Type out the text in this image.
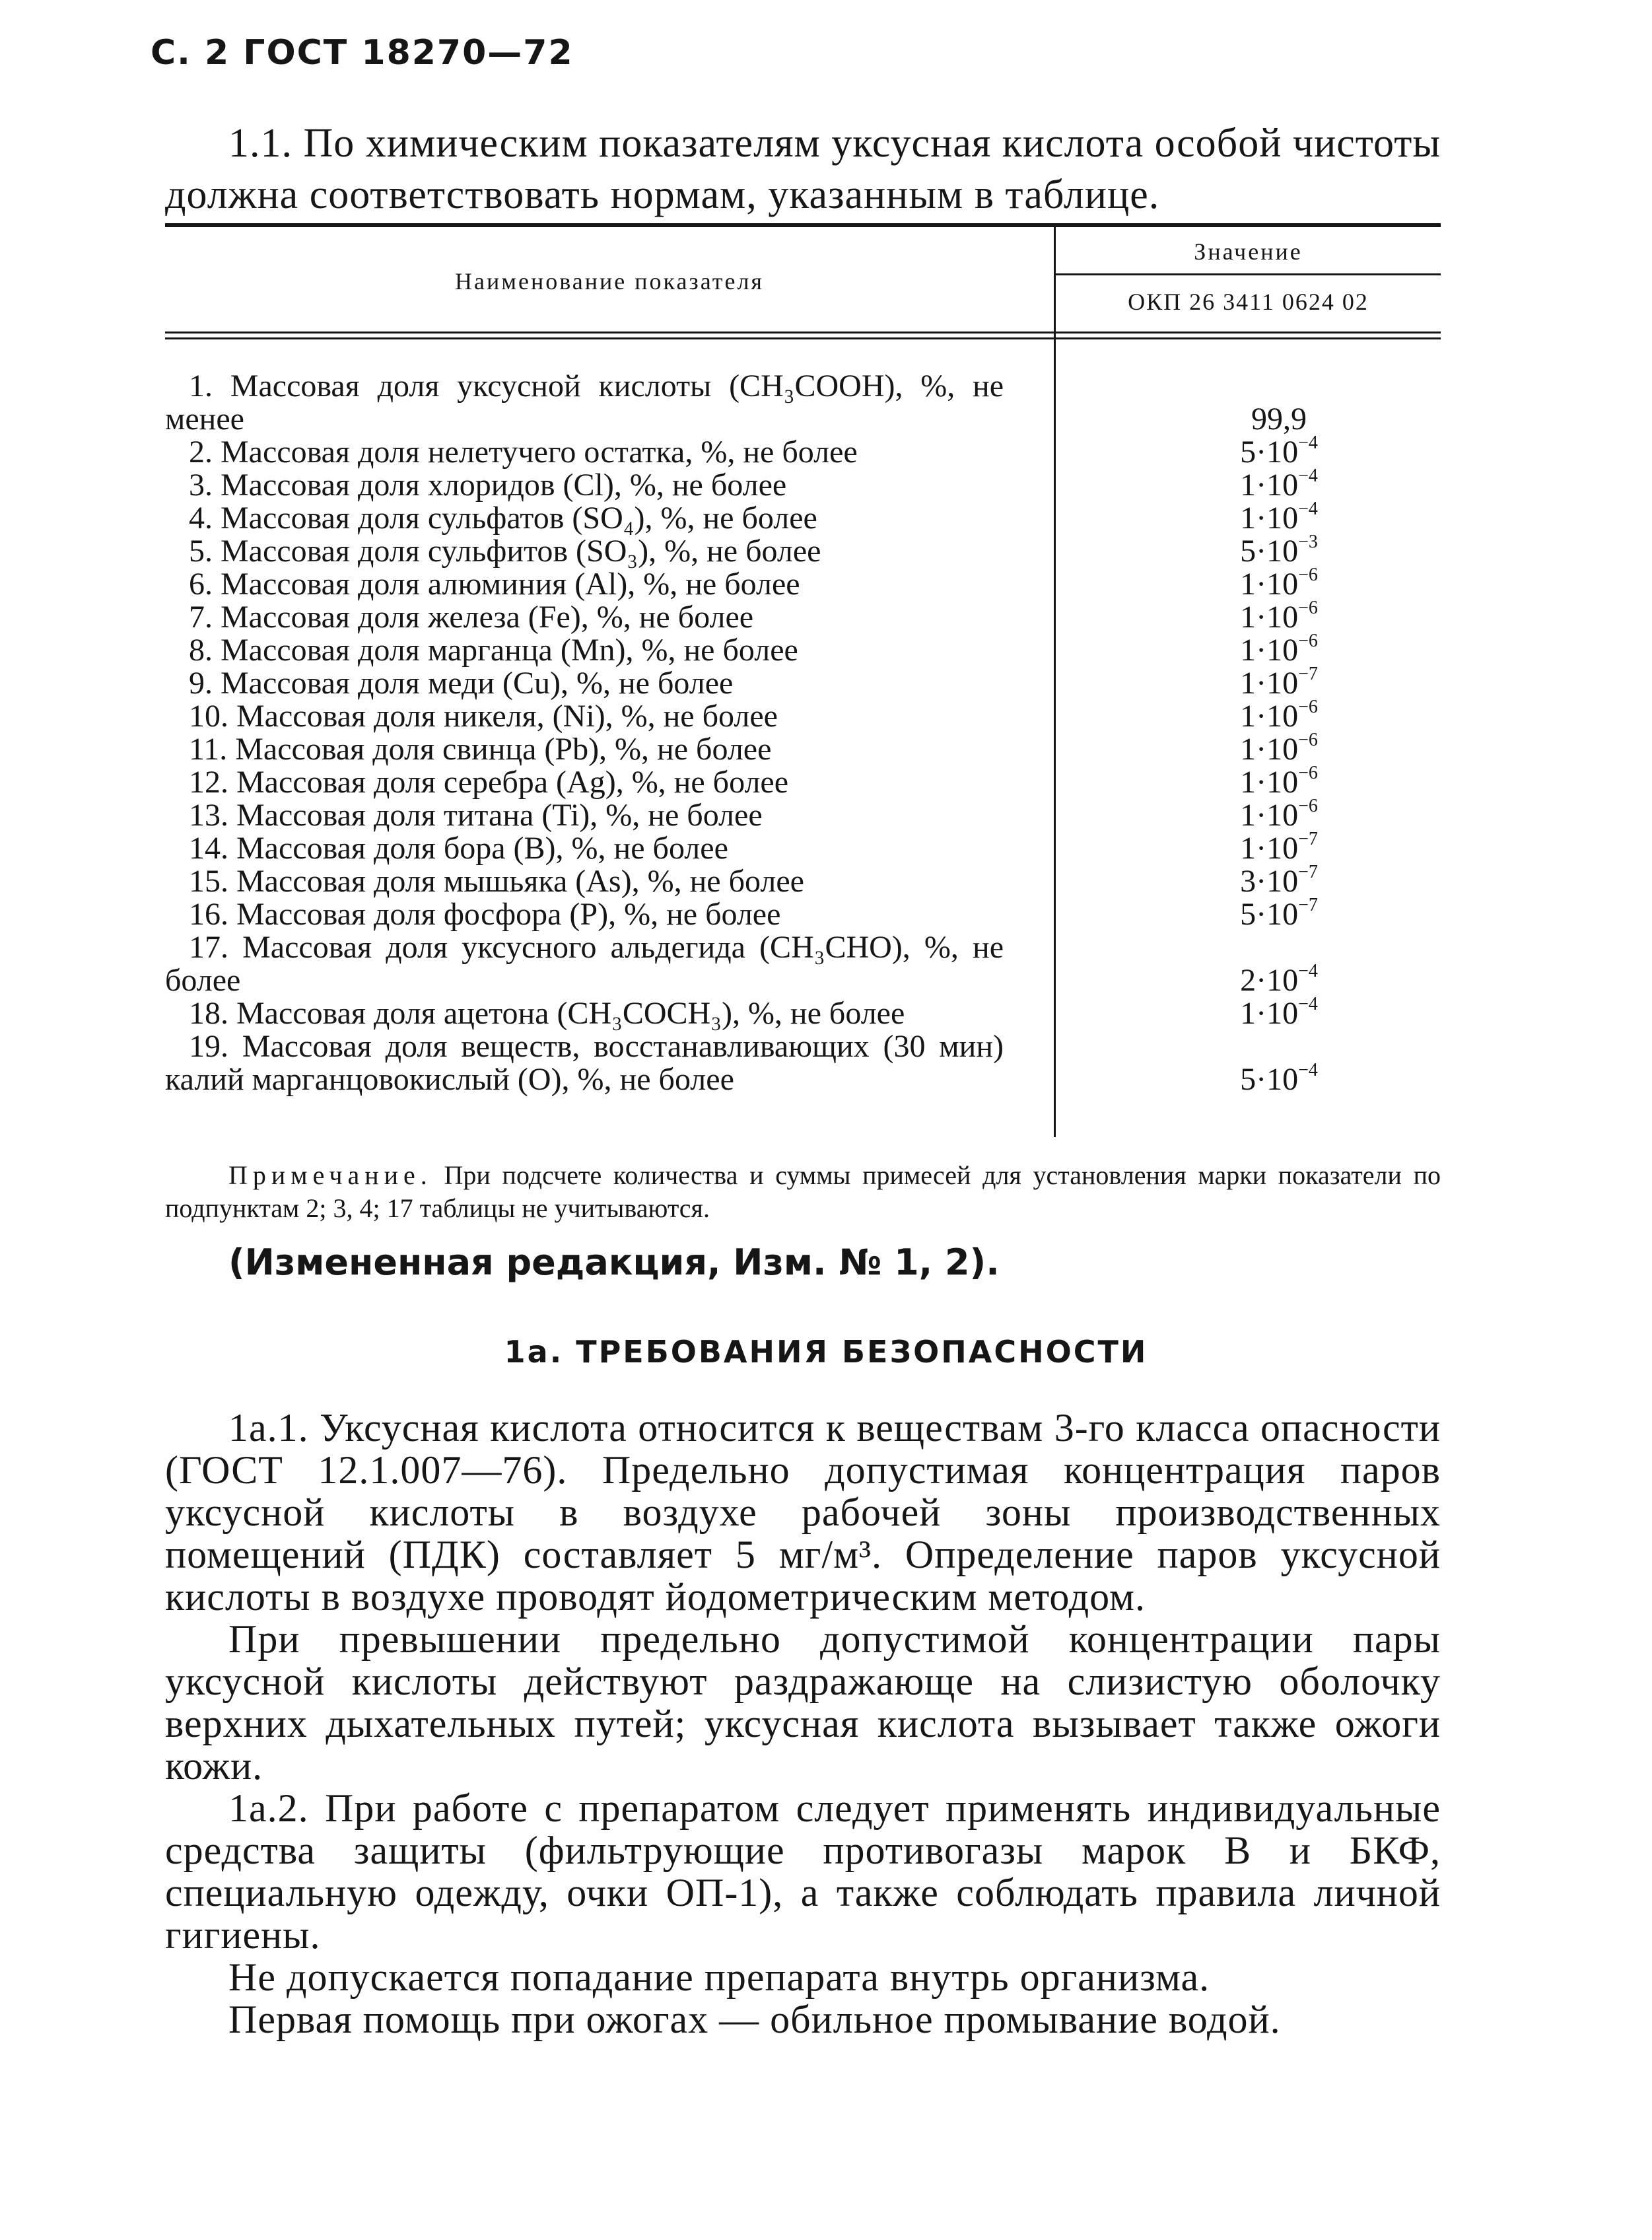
С. 2 ГОСТ 18270—72
1.1. По химическим показателям уксусная кислота особой чистоты должна соответствовать нормам, указанным в таблице.
Наименование показателя
Значение
ОКП 26 3411 0624 02
1. Массовая доля уксусной кислоты (CH₃COOH), %, не менее	99,9
2. Массовая доля нелетучего остатка, %, не более	$5\cdot 10^{-4}$
3. Массовая доля хлоридов (Cl), %, не более	$1\cdot 10^{-4}$
4. Массовая доля сульфатов (SO₄), %, не более	$1\cdot 10^{-4}$
5. Массовая доля сульфитов (SO₃), %, не более	$5\cdot 10^{-3}$
6. Массовая доля алюминия (Al), %, не более	$1\cdot 10^{-6}$
7. Массовая доля железа (Fe), %, не более	$1\cdot 10^{-6}$
8. Массовая доля марганца (Mn), %, не более	$1\cdot 10^{-6}$
9. Массовая доля меди (Cu), %, не более	$1\cdot 10^{-7}$
10. Массовая доля никеля, (Ni), %, не более	$1\cdot 10^{-6}$
11. Массовая доля свинца (Pb), %, не более	$1\cdot 10^{-6}$
12. Массовая доля серебра (Ag), %, не более	$1\cdot 10^{-6}$
13. Массовая доля титана (Ti), %, не более	$1\cdot 10^{-6}$
14. Массовая доля бора (B), %, не более	$1\cdot 10^{-7}$
15. Массовая доля мышьяка (As), %, не более	$3\cdot 10^{-7}$
16. Массовая доля фосфора (P), %, не более	$5\cdot 10^{-7}$
17. Массовая доля уксусного альдегида (CH₃CHO), %, не более	$2\cdot 10^{-4}$
18. Массовая доля ацетона (CH₃COCH₃), %, не более	$1\cdot 10^{-4}$
19. Массовая доля веществ, восстанавливающих (30 мин) калий марганцовокислый (O), %, не более	$5\cdot 10^{-4}$
Примечание. При подсчете количества и суммы примесей для установления марки показатели по подпунктам 2; 3, 4; 17 таблицы не учитываются.
(Измененная редакция, Изм. № 1, 2).
1а. ТРЕБОВАНИЯ БЕЗОПАСНОСТИ

1а.1. Уксусная кислота относится к веществам 3-го класса опасности (ГОСТ 12.1.007—76). Предельно допустимая концентрация паров уксусной кислоты в воздухе рабочей зоны производственных помещений (ПДК) составляет 5 мг/м³. Определение паров уксусной кислоты в воздухе проводят йодометрическим методом.

При превышении предельно допустимой концентрации пары уксусной кислоты действуют раздражающе на слизистую оболочку верхних дыхательных путей; уксусная кислота вызывает также ожоги кожи.

1а.2. При работе с препаратом следует применять индивидуальные средства защиты (фильтрующие противогазы марок В и БКФ, специальную одежду, очки ОП-1), а также соблюдать правила личной гигиены.

Не допускается попадание препарата внутрь организма.

Первая помощь при ожогах — обильное промывание водой.
